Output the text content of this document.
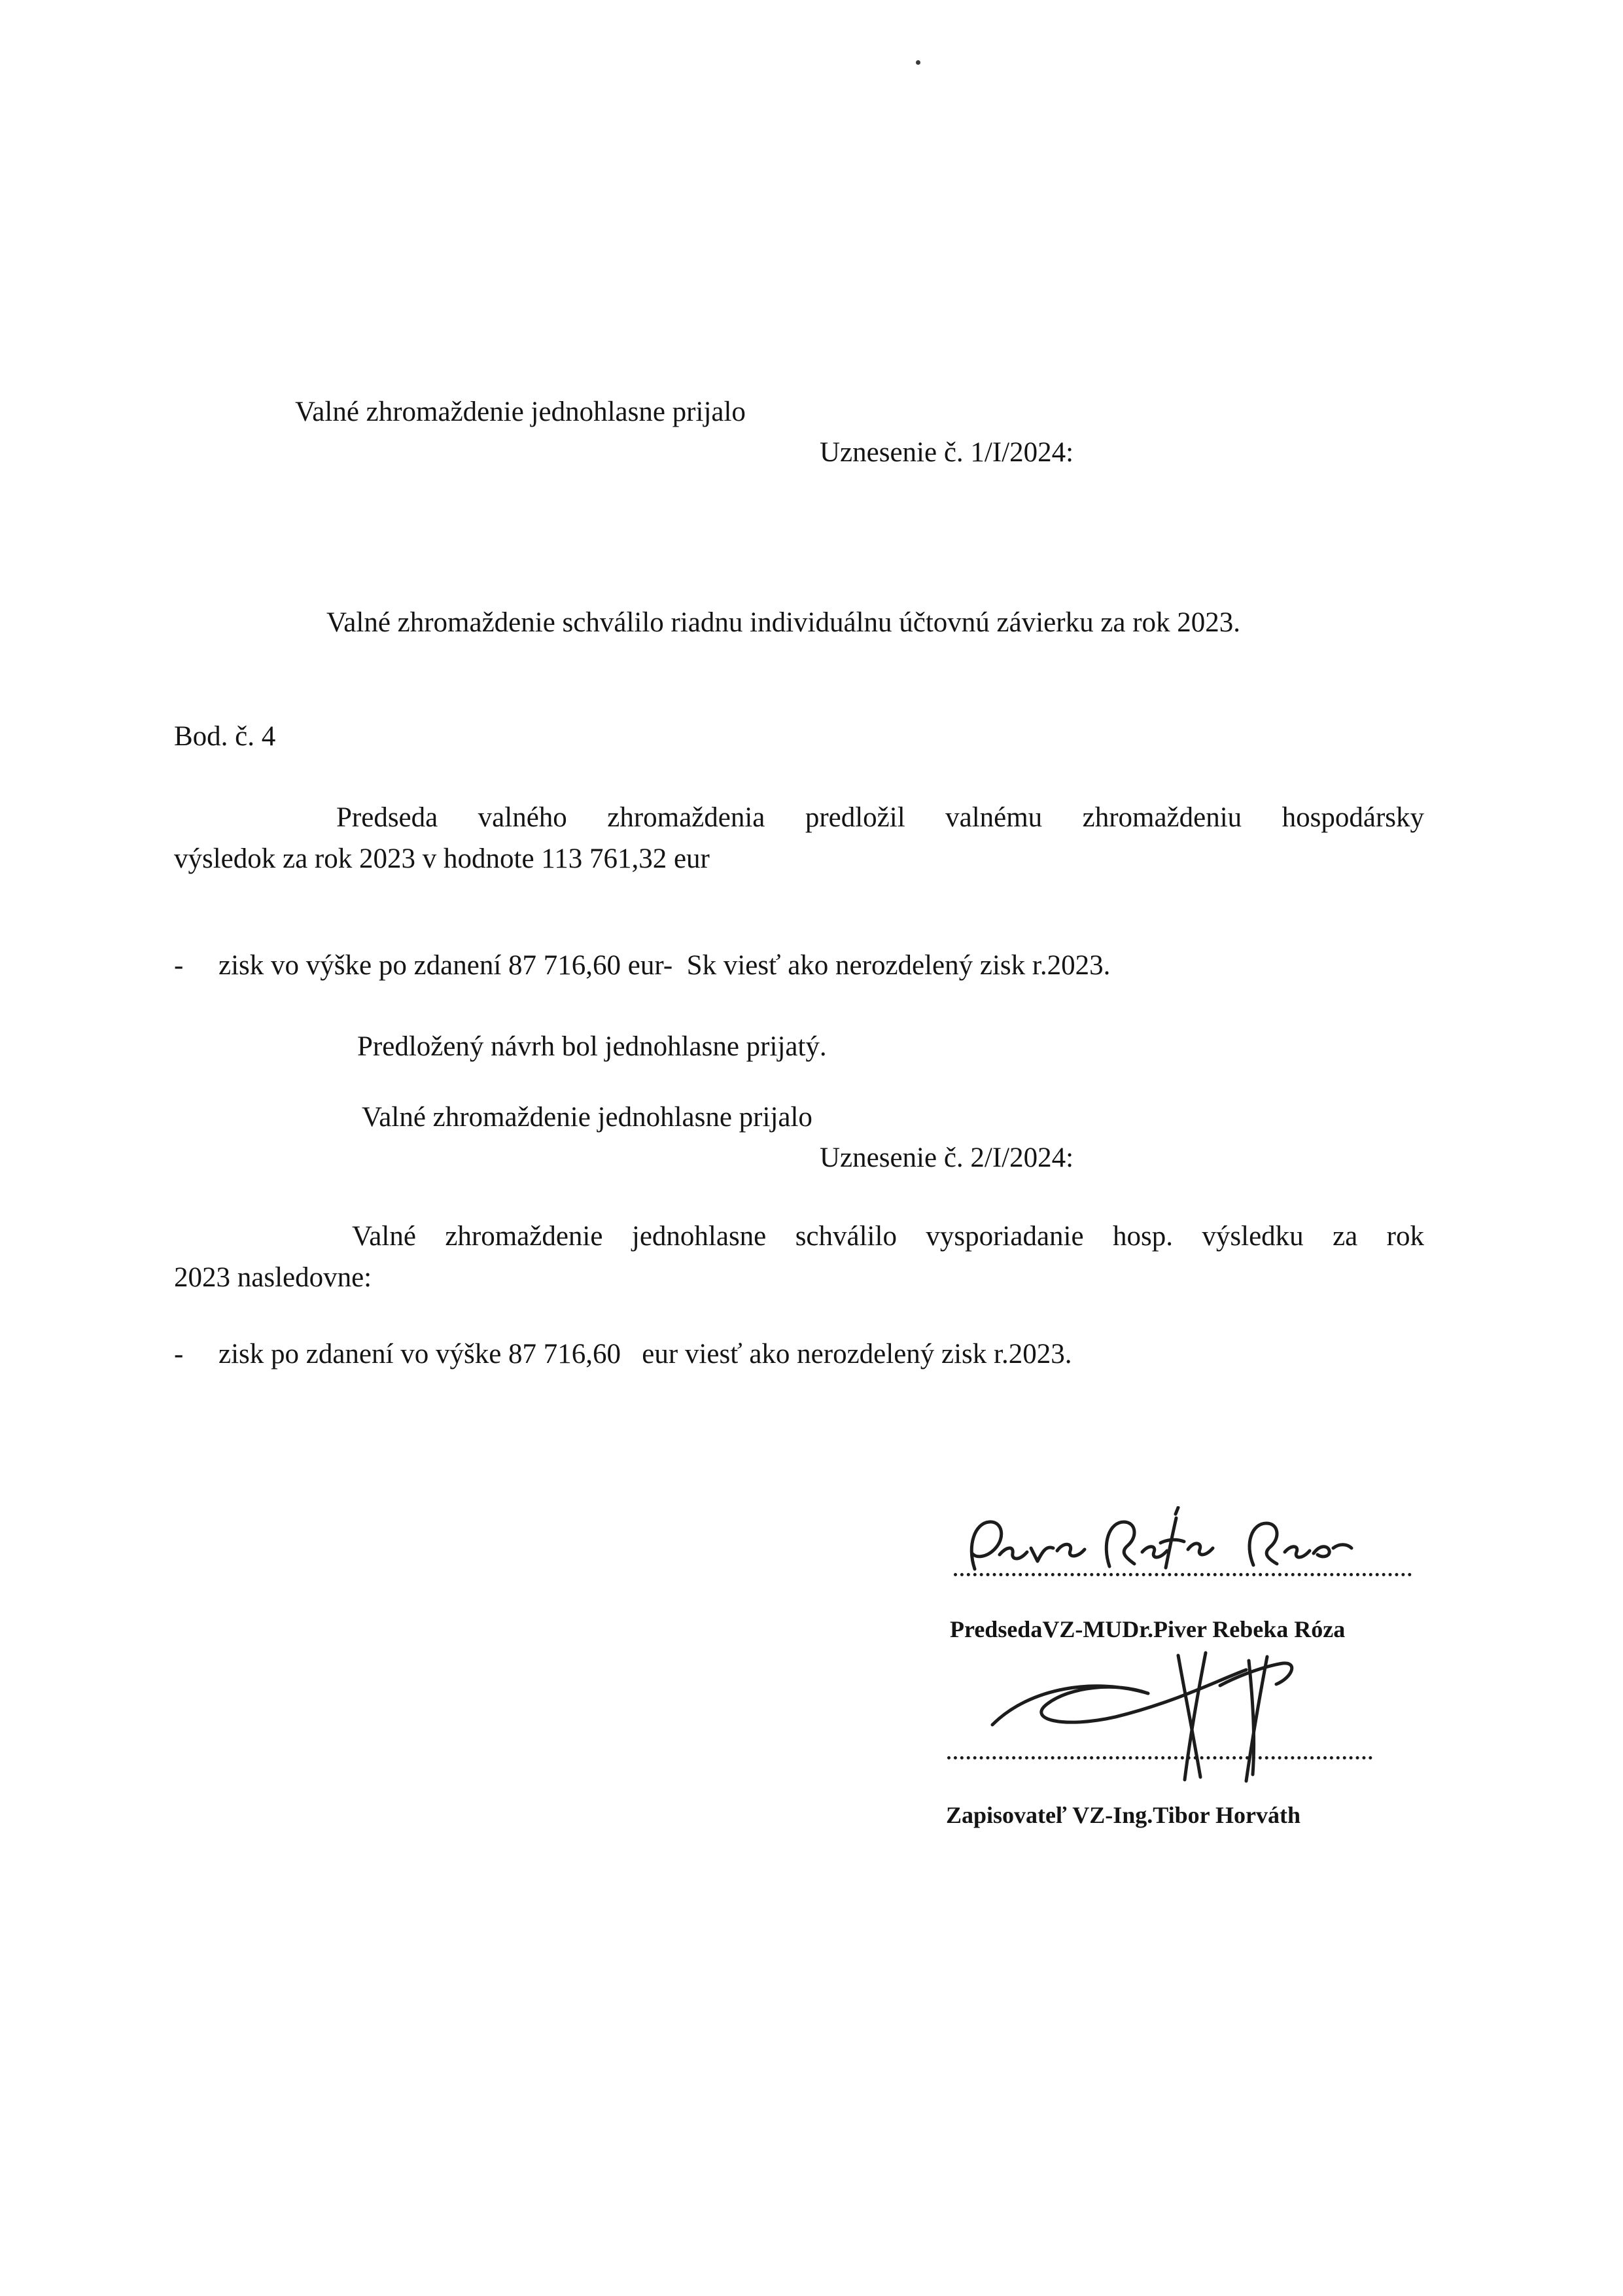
Valné zhromaždenie jednohlasne prijalo
Uznesenie č. 1/I/2024:
Valné zhromaždenie schválilo riadnu individuálnu účtovnú závierku za rok 2023.
Bod. č. 4
Predseda valného zhromaždenia predložil valnému zhromaždeniu hospodársky
výsledok za rok 2023 v hodnote 113 761,32 eur
-	zisk vo výške po zdanení 87 716,60 eur-  Sk viesť ako nerozdelený zisk r.2023.
Predložený návrh bol jednohlasne prijatý.
Valné zhromaždenie jednohlasne prijalo
Uznesenie č. 2/I/2024:
Valné zhromaždenie jednohlasne schválilo vysporiadanie hosp. výsledku za rok
2023 nasledovne:
-	zisk po zdanení vo výške 87 716,60   eur viesť ako nerozdelený zisk r.2023.
PredsedaVZ-MUDr.Piver Rebeka Róza
Zapisovateľ VZ-Ing.Tibor Horváth
